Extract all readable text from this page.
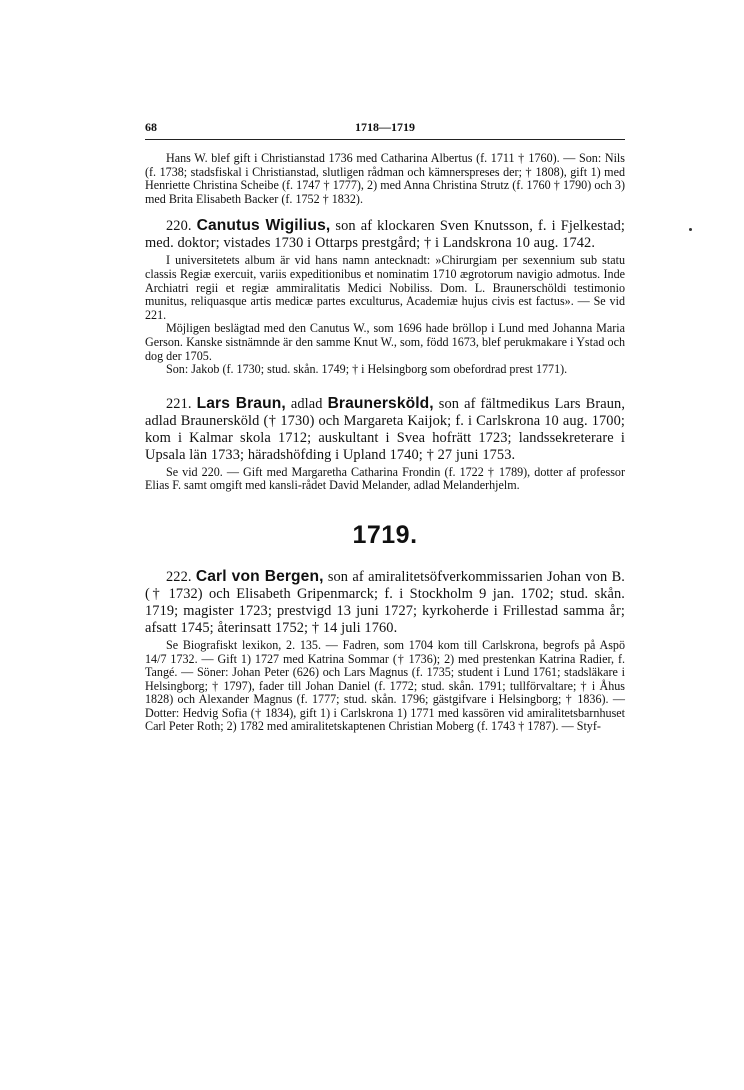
68	1718—1719

Hans W. blef gift i Christianstad 1736 med Catharina Albertus (f. 1711 † 1760). — Son: Nils (f. 1738; stadsfiskal i Christianstad, slutligen rådman och kämnerspreses der; † 1808), gift 1) med Henriette Christina Scheibe (f. 1747 † 1777), 2) med Anna Christina Strutz (f. 1760 † 1790) och 3) med Brita Elisabeth Backer (f. 1752 † 1832).

220. Canutus Wigilius, son af klockaren Sven Knutsson, f. i Fjelkestad; med. doktor; vistades 1730 i Ottarps prestgård; † i Landskrona 10 aug. 1742.

I universitetets album är vid hans namn antecknadt: »Chirurgiam per sexennium sub statu classis Regiæ exercuit, variis expeditionibus et nominatim 1710 ægrotorum navigio admotus. Inde Archiatri regii et regiæ ammiralitatis Medici Nobiliss. Dom. L. Braunerschöldi testimonio munitus, reliquasque artis medicæ partes exculturus, Academiæ hujus civis est factus». — Se vid 221.

Möjligen beslägtad med den Canutus W., som 1696 hade bröllop i Lund med Johanna Maria Gerson. Kanske sistnämnde är den samme Knut W., som, född 1673, blef perukmakare i Ystad och dog der 1705.

Son: Jakob (f. 1730; stud. skån. 1749; † i Helsingborg som obefordrad prest 1771).

221. Lars Braun, adlad Braunersköld, son af fältmedikus Lars Braun, adlad Braunersköld († 1730) och Margareta Kaijok; f. i Carlskrona 10 aug. 1700; kom i Kalmar skola 1712; auskultant i Svea hofrätt 1723; landssekreterare i Upsala län 1733; häradshöfding i Upland 1740; † 27 juni 1753.

Se vid 220. — Gift med Margaretha Catharina Frondin (f. 1722 † 1789), dotter af professor Elias F. samt omgift med kansli-rådet David Melander, adlad Melanderhjelm.

1719.

222. Carl von Bergen, son af amiralitetsöfverkommissarien Johan von B. († 1732) och Elisabeth Gripenmarck; f. i Stockholm 9 jan. 1702; stud. skån. 1719; magister 1723; prestvigd 13 juni 1727; kyrkoherde i Frillestad samma år; afsatt 1745; återinsatt 1752; † 14 juli 1760.

Se Biografiskt lexikon, 2. 135. — Fadren, som 1704 kom till Carlskrona, begrofs på Aspö 14/7 1732. — Gift 1) 1727 med Katrina Sommar († 1736); 2) med prestenkan Katrina Radier, f. Tangé. — Söner: Johan Peter (626) och Lars Magnus (f. 1735; student i Lund 1761; stadsläkare i Helsingborg; † 1797), fader till Johan Daniel (f. 1772; stud. skån. 1791; tullförvaltare; † i Åhus 1828) och Alexander Magnus (f. 1777; stud. skån. 1796; gästgifvare i Helsingborg; † 1836). — Dotter: Hedvig Sofia († 1834), gift 1) i Carlskrona 1) 1771 med kassören vid amiralitetsbarnhuset Carl Peter Roth; 2) 1782 med amiralitetskaptenen Christian Moberg (f. 1743 † 1787). — Styf-
